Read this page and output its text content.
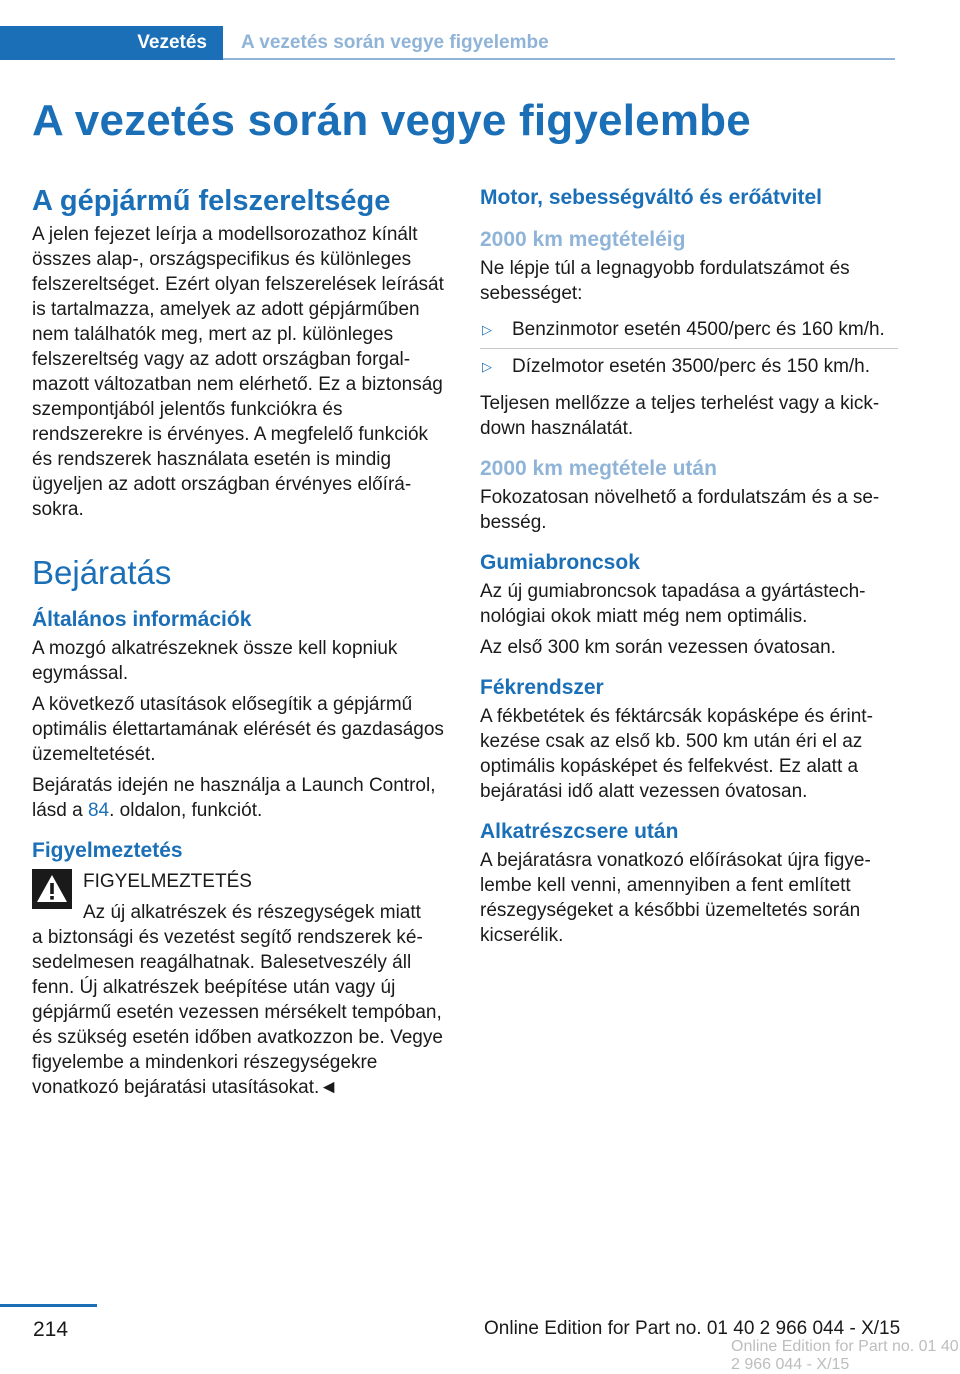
Vezetés	A vezetés során vegye figyelembe
A vezetés során vegye figyelembe
A gépjármű felszereltsége

A jelen fejezet leírja a modellsorozathoz kínált összes alap-, országspecifikus és különleges felszereltséget. Ezért olyan felszerelések leírását is tartalmazza, amelyek az adott gépjárműben nem találhatók meg, mert az pl. különleges felszereltség vagy az adott országban forgalmazott változatban nem elérhető. Ez a biztonság szempontjából jelentős funkciókra és rendszerekre is érvényes. A megfelelő funkciók és rendszerek használata esetén is mindig ügyeljen az adott országban érvényes előírásokra.

Bejáratás
Általános információk

A mozgó alkatrészeknek össze kell kopniuk egymással.

A következő utasítások elősegítik a gépjármű optimális élettartamának elérését és gazdaságos üzemeltetését.

Bejáratás idején ne használja a Launch Control, lásd a 84. oldalon, funkciót.

Figyelmeztetés
FIGYELMEZTETÉS
Az új alkatrészek és részegységek miatt
a biztonsági és vezetést segítő rendszerek késedelmesen reagálhatnak. Balesetveszély áll fenn. Új alkatrészek beépítése után vagy új gépjármű esetén vezessen mérsékelt tempóban, és szükség esetén időben avatkozzon be. Vegye figyelembe a mindenkori részegységekre vonatkozó bejáratási utasításokat.◄
Motor, sebességváltó és erőátvitel
2000 km megtételéig

Ne lépje túl a legnagyobb fordulatszámot és sebességet:

▷	Benzinmotor esetén 4500/perc és 160 km/h.
▷	Dízelmotor esetén 3500/perc és 150 km/h.

Teljesen mellőzze a teljes terhelést vagy a kick-down használatát.

2000 km megtétele után

Fokozatosan növelhető a fordulatszám és a sebesség.

Gumiabroncsok

Az új gumiabroncsok tapadása a gyártástechnológiai okok miatt még nem optimális.

Az első 300 km során vezessen óvatosan.

Fékrendszer

A fékbetétek és féktárcsák kopásképe és érintkezése csak az első kb. 500 km után éri el az optimális kopásképet és felfekvést. Ez alatt a bejáratási idő alatt vezessen óvatosan.

Alkatrészcsere után

A bejáratásra vonatkozó előírásokat újra figyelembe kell venni, amennyiben a fent említett részegységeket a későbbi üzemeltetés során kicserélik.

214	Online Edition for Part no. 01 40 2 966 044 - X/15
Online Edition for Part no. 01 40 2 966 044 - X/15
